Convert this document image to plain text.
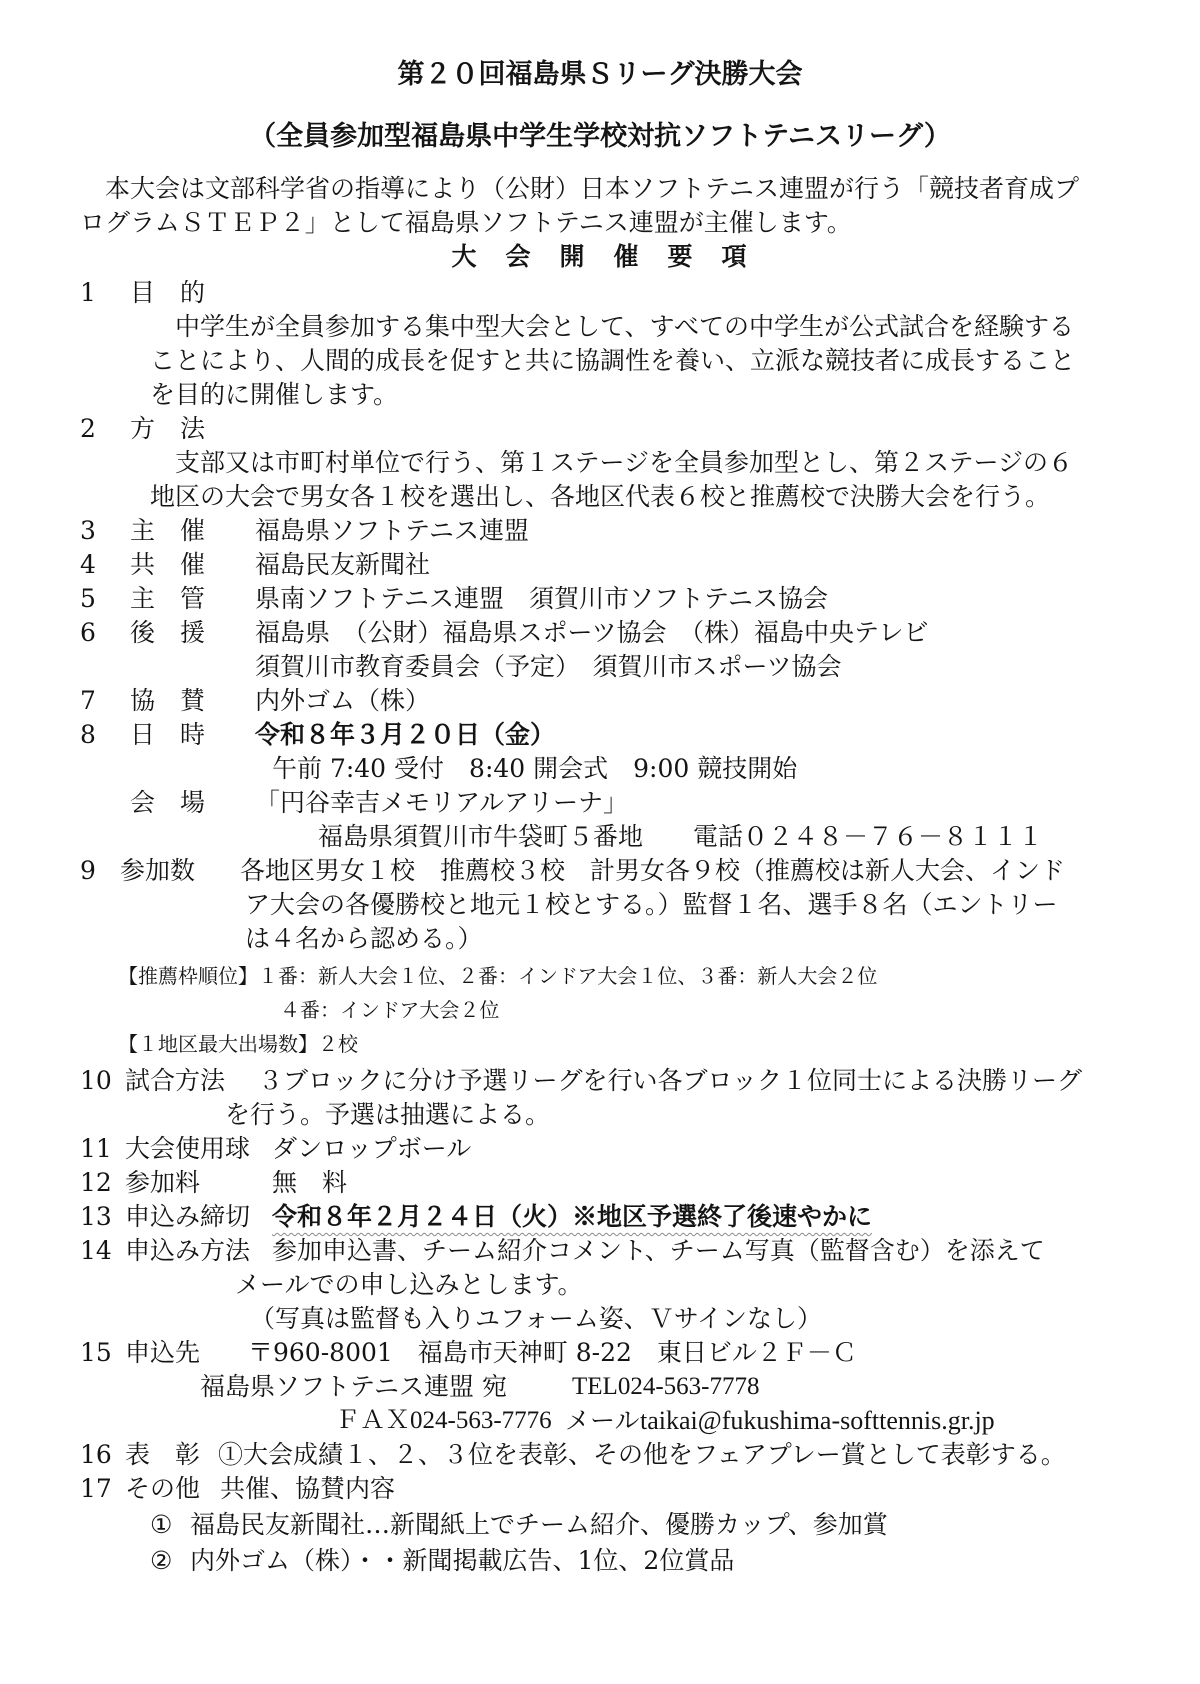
第２０回福島県Ｓリーグ決勝大会
（全員参加型福島県中学生学校対抗ソフトテニスリーグ）
本大会は文部科学省の指導により（公財）日本ソフトテニス連盟が行う「競技者育成プ
ログラムＳＴＥＰ２」として福島県ソフトテニス連盟が主催します。
大　会　開　催　要　項
1 目　的
中学生が全員参加する集中型大会として、すべての中学生が公式試合を経験する
ことにより、人間的成長を促すと共に協調性を養い、立派な競技者に成長すること
を目的に開催します。
2 方　法
支部又は市町村単位で行う、第１ステージを全員参加型とし、第２ステージの６
地区の大会で男女各１校を選出し、各地区代表６校と推薦校で決勝大会を行う。
3 主　催 福島県ソフトテニス連盟
4 共　催 福島民友新聞社
5 主　管 県南ソフトテニス連盟　須賀川市ソフトテニス協会
6 後　援 福島県　（公財）福島県スポーツ協会　（株）福島中央テレビ
須賀川市教育委員会（予定）　須賀川市スポーツ協会
7 協　賛 内外ゴム（株）
8 日　時 令和８年３月２０日（金）
午前 7:40 受付　8:40 開会式　9:00 競技開始
会　場 「円谷幸吉メモリアルアリーナ」
福島県須賀川市牛袋町５番地　　電話０２４８－７６－８１１１
9 参加数 各地区男女１校　推薦校３校　計男女各９校（推薦校は新人大会、インド
ア大会の各優勝校と地元１校とする。）監督１名、選手８名（エントリー
は４名から認める。）
【推薦枠順位】 １番：新人大会１位、２番：インドア大会１位、３番：新人大会２位
４番：インドア大会２位
【１地区最大出場数】 ２校
10 試合方法 ３ブロックに分け予選リーグを行い各ブロック１位同士による決勝リーグ
を行う。予選は抽選による。
11 大会使用球 ダンロップボール
12 参加料	無　料
13 申込み締切 令和８年２月２４日（火）※地区予選終了後速やかに
14 申込み方法 参加申込書、チーム紹介コメント、チーム写真（監督含む）を添えて
メールでの申し込みとします。
（写真は監督も入りユフォーム姿、Ｖサインなし）
15 申込先 〒960-8001　福島市天神町 8-22　東日ビル２Ｆ－Ｃ
福島県ソフトテニス連盟 宛	TEL024-563-7778
ＦＡＸ024-563-7776 メール taikai@fukushima-softtennis.gr.jp
16 表　彰 ①大会成績１、２、３位を表彰、その他をフェアプレー賞として表彰する。
17 その他 共催、協賛内容
① 福島民友新聞社…新聞紙上でチーム紹介、優勝カップ、参加賞
② 内外ゴム（株）・・新聞掲載広告、1位、2位賞品
